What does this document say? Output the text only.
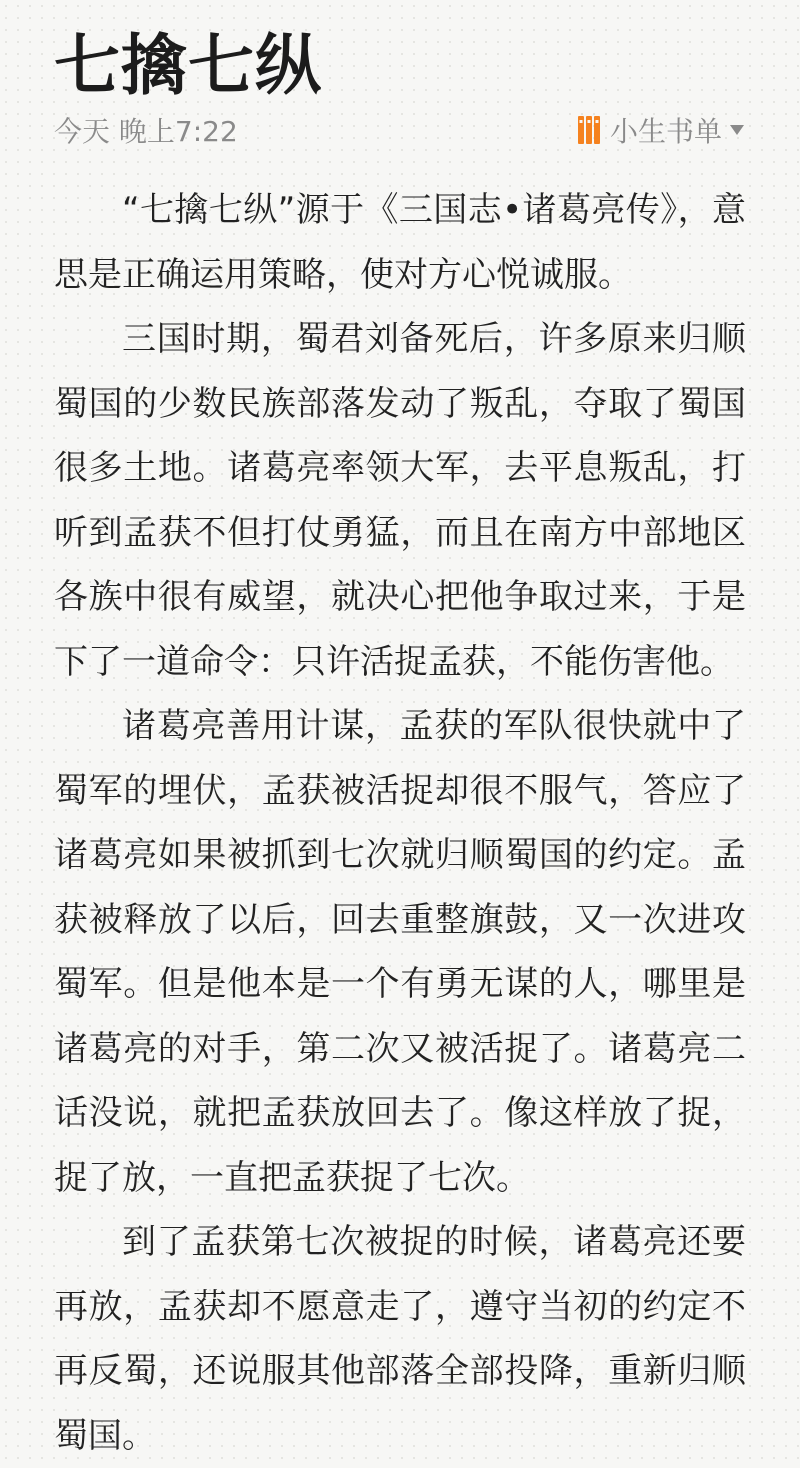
七擒七纵
今天 晚上7:22	小生书单

“七擒七纵”源于《三国志•诸葛亮传》，意思是正确运用策略，使对方心悦诚服。

三国时期，蜀君刘备死后，许多原来归顺蜀国的少数民族部落发动了叛乱，夺取了蜀国很多土地。诸葛亮率领大军，去平息叛乱，打听到孟获不但打仗勇猛，而且在南方中部地区各族中很有威望，就决心把他争取过来，于是下了一道命令：只许活捉孟获，不能伤害他。

诸葛亮善用计谋，孟获的军队很快就中了蜀军的埋伏，孟获被活捉却很不服气，答应了诸葛亮如果被抓到七次就归顺蜀国的约定。孟获被释放了以后，回去重整旗鼓，又一次进攻蜀军。但是他本是一个有勇无谋的人，哪里是诸葛亮的对手，第二次又被活捉了。诸葛亮二话没说，就把孟获放回去了。像这样放了捉，捉了放，一直把孟获捉了七次。

到了孟获第七次被捉的时候，诸葛亮还要再放，孟获却不愿意走了，遵守当初的约定不再反蜀，还说服其他部落全部投降，重新归顺蜀国。
